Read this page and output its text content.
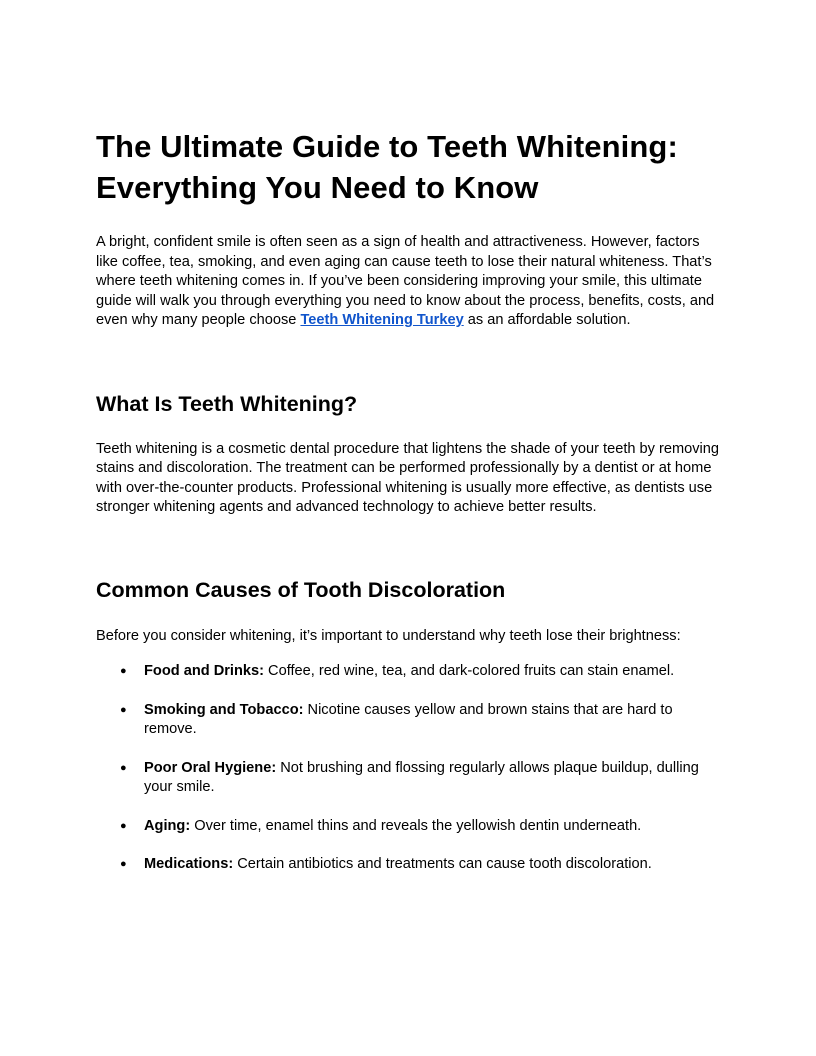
The Ultimate Guide to Teeth Whitening: Everything You Need to Know

A bright, confident smile is often seen as a sign of health and attractiveness. However, factors like coffee, tea, smoking, and even aging can cause teeth to lose their natural whiteness. That’s where teeth whitening comes in. If you’ve been considering improving your smile, this ultimate guide will walk you through everything you need to know about the process, benefits, costs, and even why many people choose Teeth Whitening Turkey as an affordable solution.

What Is Teeth Whitening?

Teeth whitening is a cosmetic dental procedure that lightens the shade of your teeth by removing stains and discoloration. The treatment can be performed professionally by a dentist or at home with over-the-counter products. Professional whitening is usually more effective, as dentists use stronger whitening agents and advanced technology to achieve better results.

Common Causes of Tooth Discoloration

Before you consider whitening, it’s important to understand why teeth lose their brightness:

● Food and Drinks: Coffee, red wine, tea, and dark-colored fruits can stain enamel.
● Smoking and Tobacco: Nicotine causes yellow and brown stains that are hard to remove.
● Poor Oral Hygiene: Not brushing and flossing regularly allows plaque buildup, dulling your smile.
● Aging: Over time, enamel thins and reveals the yellowish dentin underneath.
● Medications: Certain antibiotics and treatments can cause tooth discoloration.
